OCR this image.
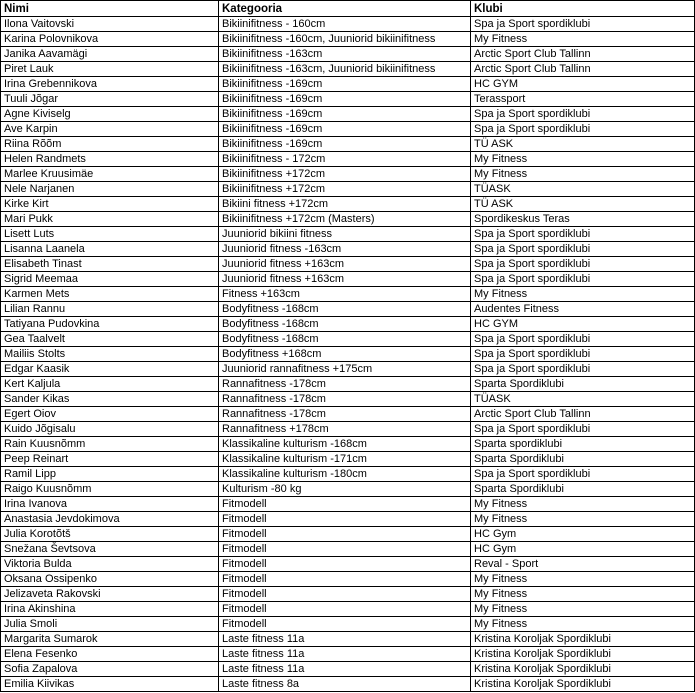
Nimi	Kategooria	Klubi
Ilona Vaitovski	Bikiinifitness - 160cm	Spa ja Sport spordiklubi
Karina Polovnikova	Bikiinifitness -160cm, Juuniorid bikiinifitness	My Fitness
Janika Aavamägi	Bikiinifitness -163cm	Arctic Sport Club Tallinn
Piret Lauk	Bikiinifitness -163cm, Juuniorid bikiinifitness	Arctic Sport Club Tallinn
Irina Grebennikova	Bikiinifitness -169cm	HC GYM
Tuuli Jõgar	Bikiinifitness -169cm	Terassport
Agne Kiviselg	Bikiinifitness -169cm	Spa ja Sport spordiklubi
Ave Karpin	Bikiinifitness -169cm	Spa ja Sport spordiklubi
Riina Rõõm	Bikiinifitness -169cm	TÜ ASK
Helen Randmets	Bikiinifitness - 172cm	My Fitness
Marlee Kruusimäe	Bikiinifitness +172cm	My Fitness
Nele Narjanen	Bikiinifitness +172cm	TÜASK
Kirke Kirt	Bikiini fitness +172cm	TÜ ASK
Mari Pukk	Bikiinifitness +172cm (Masters)	Spordikeskus Teras
Lisett Luts	Juuniorid bikiini fitness	Spa ja Sport spordiklubi
Lisanna Laanela	Juuniorid fitness -163cm	Spa ja Sport spordiklubi
Elisabeth Tinast	Juuniorid fitness +163cm	Spa ja Sport spordiklubi
Sigrid Meemaa	Juuniorid fitness +163cm	Spa ja Sport spordiklubi
Karmen Mets	Fitness +163cm	My Fitness
Lilian Rannu	Bodyfitness -168cm	Audentes Fitness
Tatiyana Pudovkina	Bodyfitness -168cm	HC GYM
Gea Taalvelt	Bodyfitness -168cm	Spa ja Sport spordiklubi
Mailiis Stolts	Bodyfitness +168cm	Spa ja Sport spordiklubi
Edgar Kaasik	Juuniorid rannafitness +175cm	Spa ja Sport spordiklubi
Kert Kaljula	Rannafitness -178cm	Sparta Spordiklubi
Sander Kikas	Rannafitness -178cm	TÜASK
Egert Oiov	Rannafitness -178cm	Arctic Sport Club Tallinn
Kuido Jõgisalu	Rannafitness +178cm	Spa ja Sport spordiklubi
Rain Kuusnõmm	Klassikaline kulturism -168cm	Sparta spordiklubi
Peep Reinart	Klassikaline kulturism -171cm	Sparta Spordiklubi
Ramil Lipp	Klassikaline kulturism -180cm	Spa ja Sport spordiklubi
Raigo Kuusnõmm	Kulturism -80 kg	Sparta Spordiklubi
Irina Ivanova	Fitmodell	My Fitness
Anastasia Jevdokimova	Fitmodell	My Fitness
Julia Korotõtš	Fitmodell	HC Gym
Snežana Ševtsova	Fitmodell	HC Gym
Viktoria Bulda	Fitmodell	Reval - Sport
Oksana Ossipenko	Fitmodell	My Fitness
Jelizaveta Rakovski	Fitmodell	My Fitness
Irina Akinshina	Fitmodell	My Fitness
Julia Smoli	Fitmodell	My Fitness
Margarita Sumarok	Laste fitness 11a	Kristina Koroljak Spordiklubi
Elena Fesenko	Laste fitness 11a	Kristina Koroljak Spordiklubi
Sofia Zapalova	Laste fitness 11a	Kristina Koroljak Spordiklubi
Emilia Kiivikas	Laste fitness 8a	Kristina Koroljak Spordiklubi
